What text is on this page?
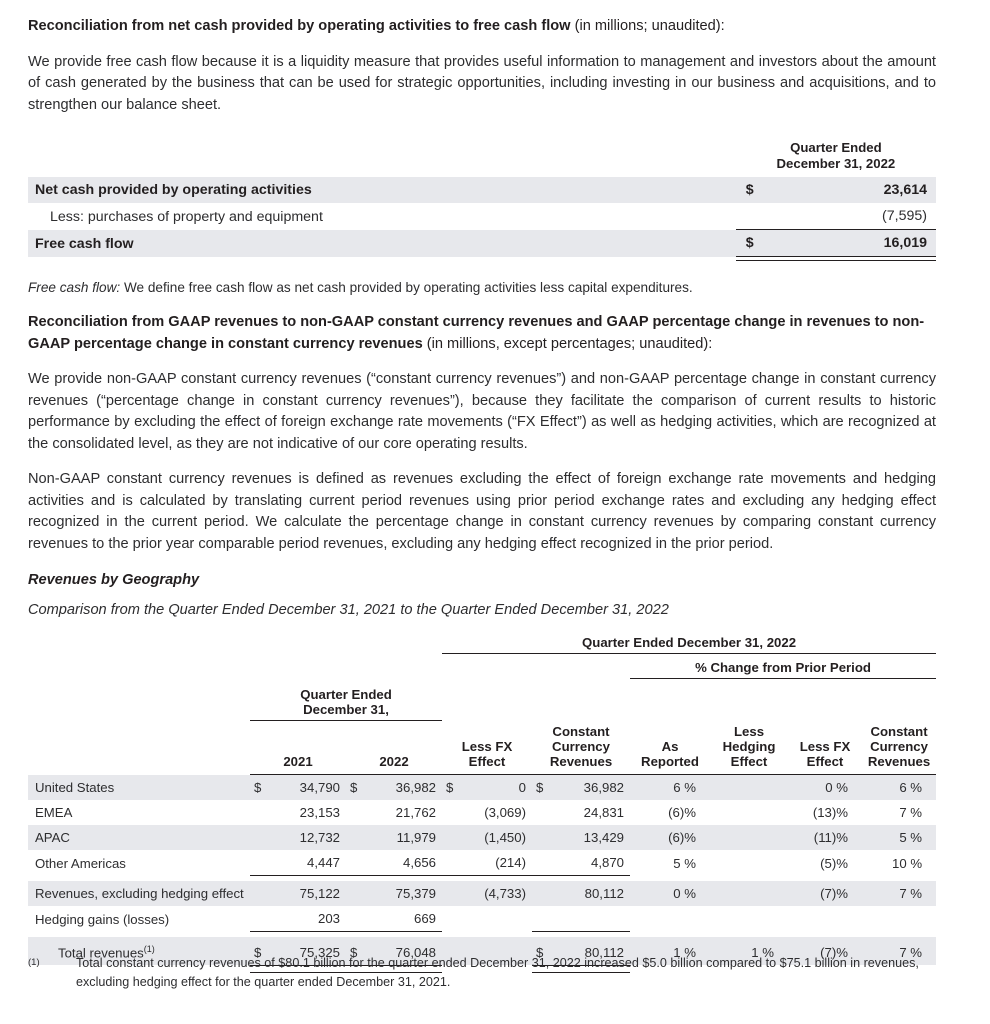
Reconciliation from net cash provided by operating activities to free cash flow (in millions; unaudited):

We provide free cash flow because it is a liquidity measure that provides useful information to management and investors about the amount of cash generated by the business that can be used for strategic opportunities, including investing in our business and acquisitions, and to strengthen our balance sheet.

	Quarter Ended
December 31, 2022	

Net cash provided by operating activities	$	23,614
Less: purchases of property and equipment		(7,595)

Free cash flow	$	16,019

Free cash flow: We define free cash flow as net cash provided by operating activities less capital expenditures.

Reconciliation from GAAP revenues to non-GAAP constant currency revenues and GAAP percentage change in revenues to non-GAAP percentage change in constant currency revenues (in millions, except percentages; unaudited):

We provide non-GAAP constant currency revenues (“constant currency revenues”) and non-GAAP percentage change in constant currency revenues (“percentage change in constant currency revenues”), because they facilitate the comparison of current results to historic performance by excluding the effect of foreign exchange rate movements (“FX Effect”) as well as hedging activities, which are recognized at the consolidated level, as they are not indicative of our core operating results.

Non-GAAP constant currency revenues is defined as revenues excluding the effect of foreign exchange rate movements and hedging activities and is calculated by translating current period revenues using prior period exchange rates and excluding any hedging effect recognized in the current period. We calculate the percentage change in constant currency revenues by comparing constant currency revenues to the prior year comparable period revenues, excluding any hedging effect recognized in the prior period.

Revenues by Geography

Comparison from the Quarter Ended December 31, 2021 to the Quarter Ended December 31, 2022

					Quarter Ended December 31, 2022							
									% Change from Prior Period			

	Quarter Ended
December 31,											

	2021	2022	
Less FX
Effect

Constant
Currency
Revenues

As
Reported

Less
Hedging
Effect

Less FX
Effect

Constant
Currency
Revenues

United States	$	34,790	$	36,982	$	0	$	36,982	6 %		0 %	6 %
EMEA		23,153		21,762		(3,069)		24,831	(6)%		(13)%	7 %
APAC		12,732		11,979		(1,450)		13,429	(6)%		(11)%	5 %
Other Americas		4,447		4,656		(214)		4,870	5 %		(5)%	10 %

Revenues, excluding hedging effect		75,122		75,379		(4,733)		80,112	0 %		(7)%	7 %
Hedging gains (losses)		203		669								

Total revenues$^{(1)}$	$	75,325	$	76,048			$	80,112	1 %	1 %	(7)%	7 %

(1)	Total constant currency revenues of $80.1 billion for the quarter ended December 31, 2022 increased $5.0 billion compared to $75.1 billion in revenues, excluding hedging effect for the quarter ended December 31, 2021.
